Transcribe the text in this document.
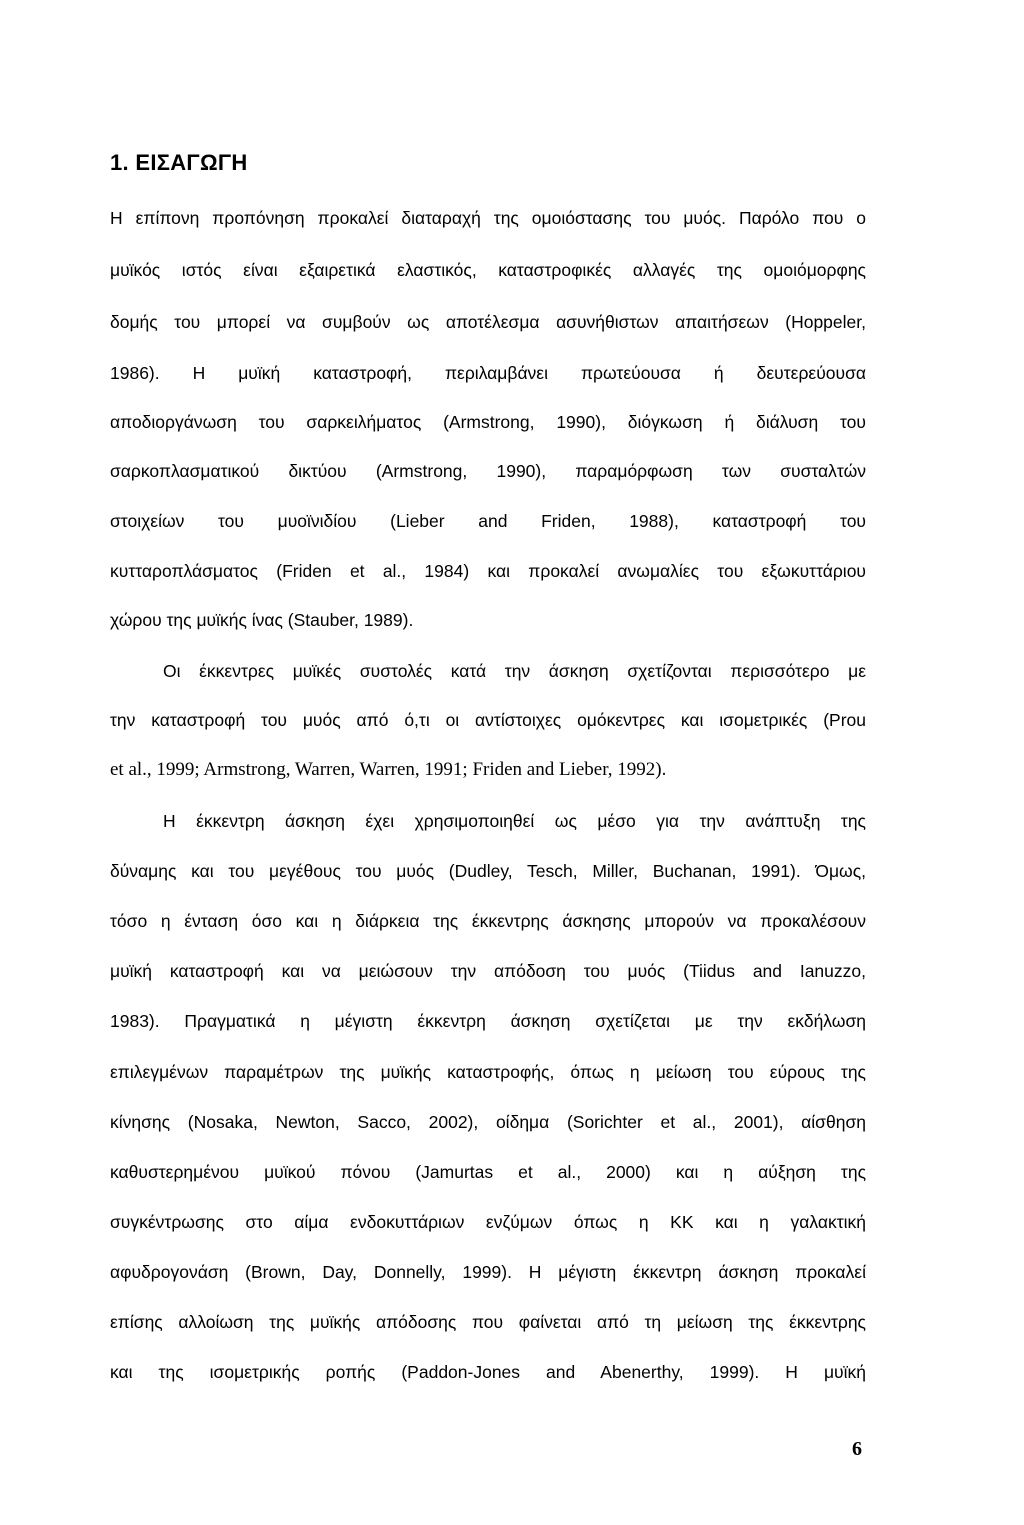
1. ΕΙΣΑΓΩΓΗ
Η επίπονη προπόνηση προκαλεί διαταραχή της ομοιόστασης του μυός. Παρόλο που ο
μυϊκός ιστός είναι εξαιρετικά ελαστικός, καταστροφικές αλλαγές της ομοιόμορφης
δομής του μπορεί να συμβούν ως αποτέλεσμα ασυνήθιστων απαιτήσεων (Hoppeler,
1986). Η μυϊκή καταστροφή, περιλαμβάνει πρωτεύουσα ή δευτερεύουσα
αποδιοργάνωση του σαρκειλήματος (Armstrong, 1990), διόγκωση ή διάλυση του
σαρκοπλασματικού δικτύου (Armstrong, 1990), παραμόρφωση των συσταλτών
στοιχείων του μυοϊνιδίου (Lieber and Friden, 1988), καταστροφή του
κυτταροπλάσματος (Friden et al., 1984) και προκαλεί ανωμαλίες του εξωκυττάριου
χώρου της μυϊκής ίνας (Stauber, 1989).
Οι έκκεντρες μυϊκές συστολές κατά την άσκηση σχετίζονται περισσότερο με
την καταστροφή του μυός από ό,τι οι αντίστοιχες ομόκεντρες και ισομετρικές (Prou
et al., 1999; Armstrong, Warren, Warren, 1991; Friden and Lieber, 1992).
Η έκκεντρη άσκηση έχει χρησιμοποιηθεί ως μέσο για την ανάπτυξη της
δύναμης και του μεγέθους του μυός (Dudley, Tesch, Miller, Buchanan, 1991). Όμως,
τόσο η ένταση όσο και η διάρκεια της έκκεντρης άσκησης μπορούν να προκαλέσουν
μυϊκή καταστροφή και να μειώσουν την απόδοση του μυός (Tiidus and Ianuzzo,
1983). Πραγματικά η μέγιστη έκκεντρη άσκηση σχετίζεται με την εκδήλωση
επιλεγμένων παραμέτρων της μυϊκής καταστροφής, όπως η μείωση του εύρους της
κίνησης (Nosaka, Newton, Sacco, 2002), οίδημα (Sorichter et al., 2001), αίσθηση
καθυστερημένου μυϊκού πόνου (Jamurtas et al., 2000) και η αύξηση της
συγκέντρωσης στο αίμα ενδοκυττάριων ενζύμων όπως η ΚΚ και η γαλακτική
αφυδρογονάση (Brown, Day, Donnelly, 1999). Η μέγιστη έκκεντρη άσκηση προκαλεί
επίσης αλλοίωση της μυϊκής απόδοσης που φαίνεται από τη μείωση της έκκεντρης
και της ισομετρικής ροπής (Paddon-Jones and Abenerthy, 1999). Η μυϊκή
6
